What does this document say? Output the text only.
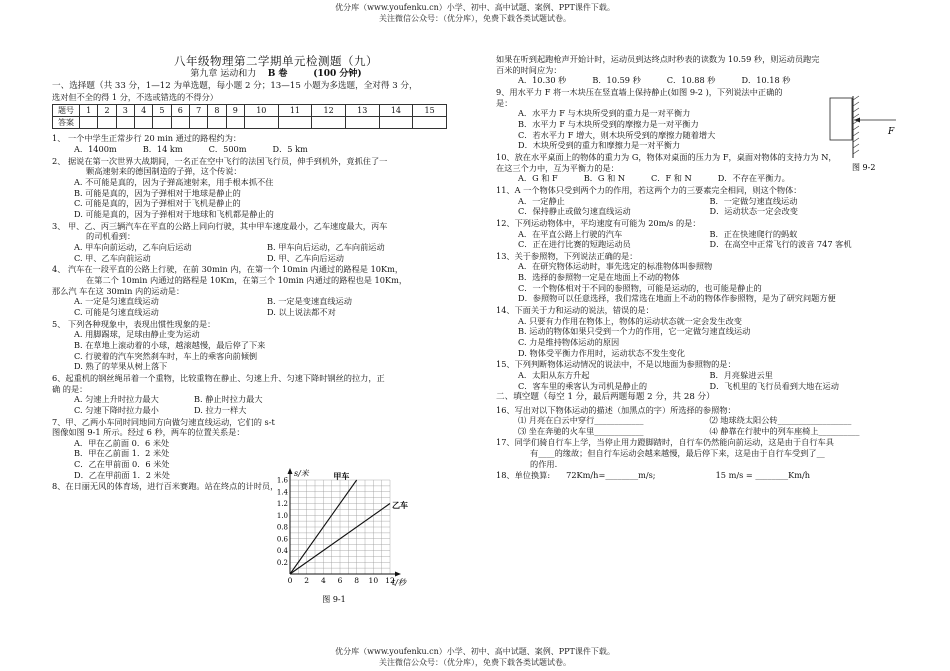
优分库（www.youfenku.cn）小学、初中、高中试题、案例、PPT课件下载。
关注微信公众号：（优分库），免费下载各类试题试卷。
八年级物理第二学期单元检测题（九）
第九章 运动和力 B 卷	(100 分钟)
一、选择题（共 33 分，1—12 为单选题，每小题 2 分；13—15 小题为多选题，全对得 3 分，
选对但不全的得 1 分，不选或错选的不得分）
题号	1	2	3	4	5	6	7	8	9	10	11	12	13	14	15
答案															
1、 一个中学生正常步行 20 min 通过的路程约为：
A．1400m	B．14 km	C．500m	D．5 km
2、 据说在第一次世界大战期间，一名正在空中飞行的法国飞行员，伸手到机外，竟抓住了一
颗高速射来的德国制造的子弹，这个传说：
A. 不可能是真的，因为子弹高速射来，用手根本抓不住
B. 可能是真的，因为子弹相对于地球是静止的
C. 可能是真的，因为子弹相对于飞机是静止的
D. 可能是真的，因为子弹相对于地球和飞机都是静止的
3、 甲、乙、丙三辆汽车在平直的公路上同向行驶，其中甲车速度最小，乙车速度最大，丙车
的司机看到：
A. 甲车向前运动，乙车向后运动	B. 甲车向后运动，乙车向前运动
C. 甲、乙车向前运动	D. 甲、乙车向后运动
4、 汽车在一段平直的公路上行驶，在前 30min 内，在第一个 10min 内通过的路程是 10Km，
在第二个 10min 内通过的路程是 10Km，在第三个 10min 内通过的路程也是 10Km，
那么汽 车在这 30min 内的运动是：
A. 一定是匀速直线运动	B. 一定是变速直线运动
C. 可能是匀速直线运动	D. 以上说法都不对
5、 下列各种现象中，表现出惯性现象的是：
A. 用脚踢球，足球由静止变为运动
B. 在草地上滚动着的小球，越滚越慢，最后停了下来
C. 行驶着的汽车突然刹车时，车上的乘客向前倾倒
D. 熟了的苹果从树上落下
6、起重机的钢丝绳吊着一个重物，比较重物在静止、匀速上升、匀速下降时钢丝的拉力，正
确 的是：
A. 匀速上升时拉力最大	B. 静止时拉力最大
C. 匀速下降时拉力最小	D. 拉力一样大
7、甲、乙两小车同时同地同方向做匀速直线运动，它们的 s-t
图像如图 9-1 所示。经过 6 秒，两车的位置关系是：
A．甲在乙前面 0．6 米处
B．甲在乙前面 1．2 米处
C．乙在甲前面 0．6 米处
D．乙在甲前面 1．2 米处
8、在日丽无风的体育场，进行百米赛跑。站在终点的计时员，
0 2 4 6 8 10 12
0.2
0.4
0.6
0.8
1.0
1.2
1.4
1.6
s/米
t/秒
甲车
乙车
图 9-1
如果在听到起跑枪声开始计时，运动员到达终点时秒表的读数为 10.59 秒，则运动员跑完
百米的时间应为：
A．10.30 秒	B．10.59 秒	C．10.88 秒	D．10.18 秒
9、用水平力 F 将一木块压在竖直墙上保持静止(如图 9-2 )，下列说法中正确的
是：
A．水平力 F 与木块所受到的重力是一对平衡力
B．水平力 F 与木块所受到的摩擦力是一对平衡力
C．若水平力 F 增大，则木块所受到的摩擦力随着增大
D．木块所受到的重力和摩擦力是一对平衡力
10、放在水平桌面上的物体的重力为 G，物体对桌面的压力为 F，桌面对物体的支持力为 N，
在这三个力中，互为平衡力的是：
A．G 和 F	B．G 和 N	C．F 和 N	D．不存在平衡力。
11、A 一个物体只受到两个力的作用，若这两个力的三要素完全相同，则这个物体：
A．一定静止	B．一定做匀速直线运动
C．保持静止或做匀速直线运动	D．运动状态一定会改变
12、下列运动物体中，平均速度有可能为 20m/s 的是：
A．在平直公路上行驶的汽车	B．正在快速爬行的蚂蚁
C．正在进行比赛的短跑运动员	D．在高空中正常飞行的波音 747 客机
13、关于参照物，下列说法正确的是：
A．在研究物体运动时，事先选定的标准物体叫参照物
B．选择的参照物一定是在地面上不动的物体
C．一个物体相对于不同的参照物，可能是运动的，也可能是静止的
D．参照物可以任意选择，我们常选在地面上不动的物体作参照物，是为了研究问题方便
14、下面关于力和运动的说法，错误的是：
A. 只要有力作用在物体上，物体的运动状态就一定会发生改变
B. 运动的物体如果只受到一个力的作用，它一定做匀速直线运动
C. 力是维持物体运动的原因
D. 物体受平衡力作用时，运动状态不发生变化
15、下列判断物体运动情况的说法中，不是以地面为参照物的是：
A．太阳从东方升起	B．月亮躲进云里
C．客车里的乘客认为司机是静止的	D．飞机里的飞行员看到大地在运动
二、填空题（每空 1 分，最后两题每题 2 分，共 28 分）
16、写出对以下物体运动的描述（加黑点的字）所选择的参照物：
⑴ 月亮在白云中穿行____________	⑵ 地球绕太阳公转__________________
⑶ 坐在奔驰的火车里____________	⑷ 静靠在行驶中的列车座椅上__________
17、同学们骑自行车上学，当停止用力蹬脚踏时，自行车仍然能向前运动，这是由于自行车具
有____的缘故；但自行车运动会越来越慢，最后停下来，这是由于自行车受到了__
的作用.
18、单位换算: 72Km/h=________m/s;	15 m/s = ________Km/h
F
图 9-2
优分库（www.youfenku.cn）小学、初中、高中试题、案例、PPT课件下载。
关注微信公众号：（优分库），免费下载各类试题试卷。
